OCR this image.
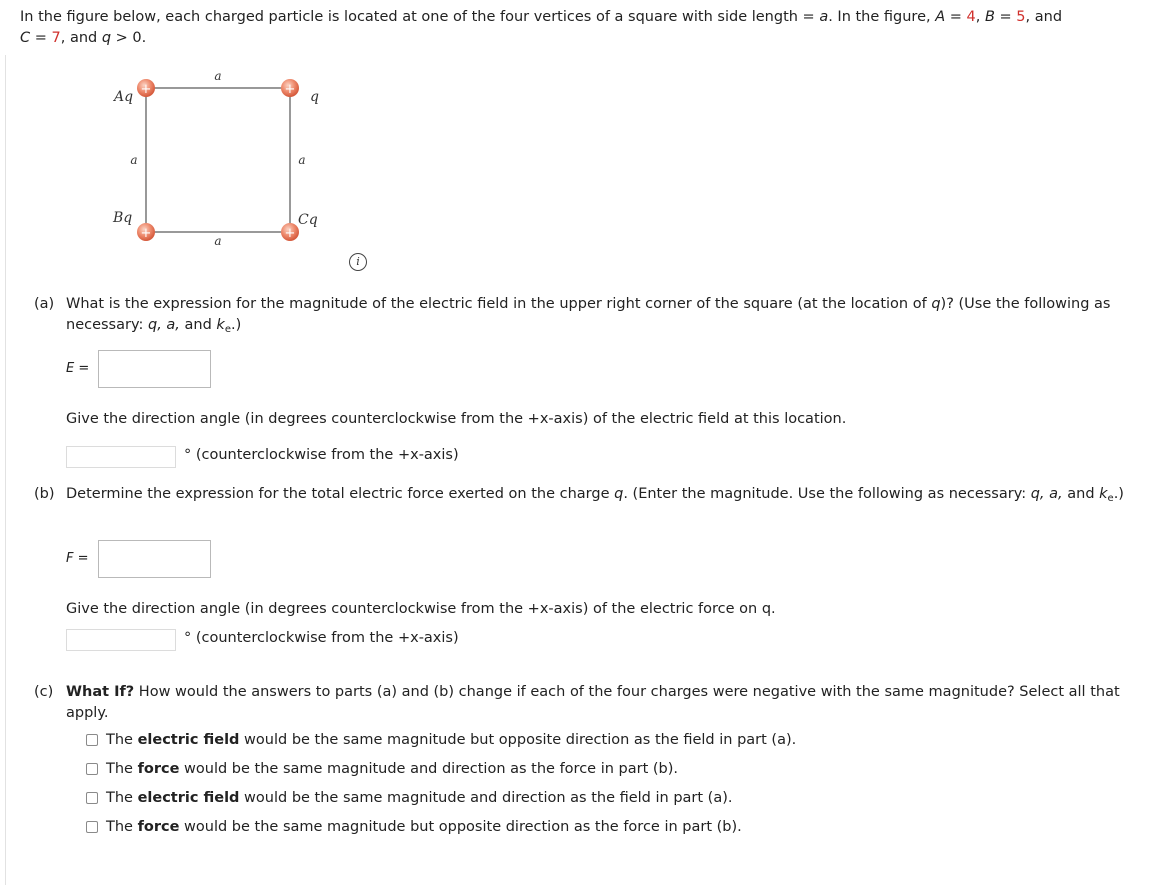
In the figure below, each charged particle is located at one of the four vertices of a square with side length = a. In the figure, A = 4, B = 5, and
C = 7, and q > 0.
+	+
+	+
Aq	q
Bq	Cq
a
a	a
a
i
(a) What is the expression for the magnitude of the electric field in the upper right corner of the square (at the location of q)? (Use the following as necessary: q, a, and $k_e$.)
E =
Give the direction angle (in degrees counterclockwise from the +x-axis) of the electric field at this location.
° (counterclockwise from the +x-axis)
(b) Determine the expression for the total electric force exerted on the charge q. (Enter the magnitude. Use the following as necessary: q, a, and $k_e$.)
F =
Give the direction angle (in degrees counterclockwise from the +x-axis) of the electric force on q.
° (counterclockwise from the +x-axis)
(c) What If? How would the answers to parts (a) and (b) change if each of the four charges were negative with the same magnitude? Select all that apply.
The electric field would be the same magnitude but opposite direction as the field in part (a).
The force would be the same magnitude and direction as the force in part (b).
The electric field would be the same magnitude and direction as the field in part (a).
The force would be the same magnitude but opposite direction as the force in part (b).
